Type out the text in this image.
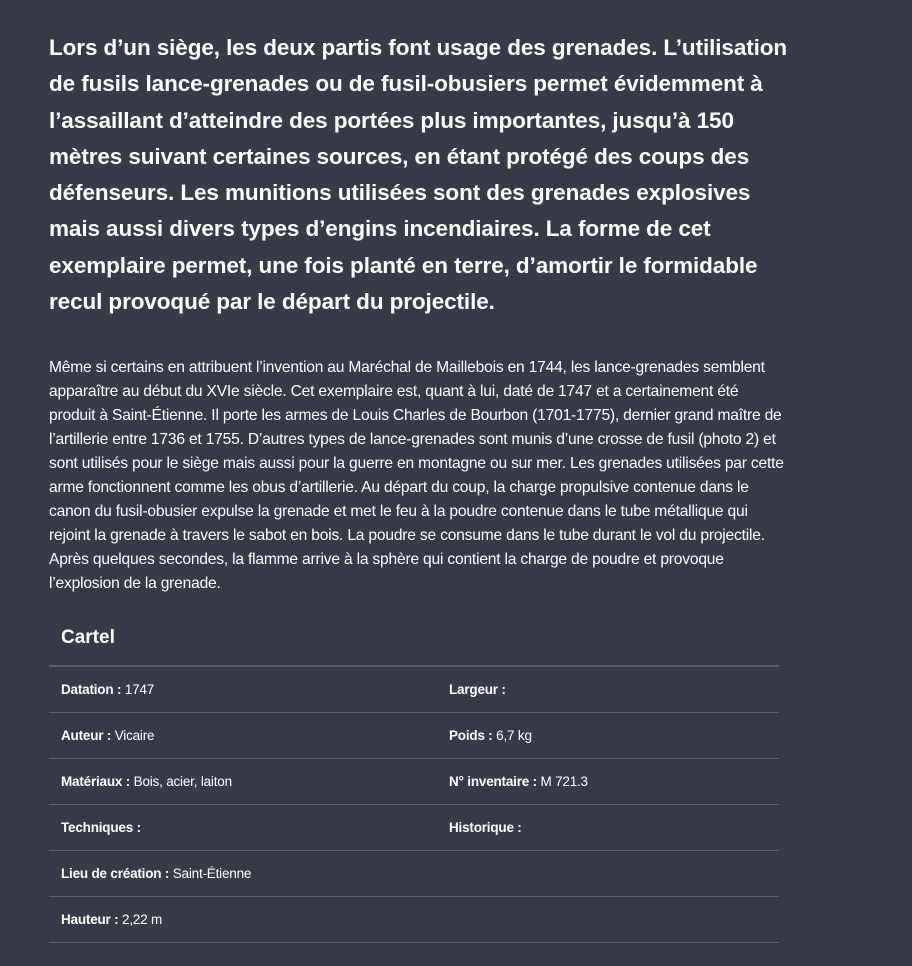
Lors d’un siège, les deux partis font usage des grenades. L’utilisation de fusils lance-grenades ou de fusil-obusiers permet évidemment à l’assaillant d’atteindre des portées plus importantes, jusqu’à 150 mètres suivant certaines sources, en étant protégé des coups des défenseurs. Les munitions utilisées sont des grenades explosives mais aussi divers types d’engins incendiaires. La forme de cet exemplaire permet, une fois planté en terre, d’amortir le formidable recul provoqué par le départ du projectile.

Même si certains en attribuent l’invention au Maréchal de Maillebois en 1744, les lance-grenades semblent apparaître au début du XVIe siècle. Cet exemplaire est, quant à lui, daté de 1747 et a certainement été produit à Saint-Étienne. Il porte les armes de Louis Charles de Bourbon (1701-1775), dernier grand maître de l’artillerie entre 1736 et 1755. D’autres types de lance-grenades sont munis d’une crosse de fusil (photo 2) et sont utilisés pour le siège mais aussi pour la guerre en montagne ou sur mer. Les grenades utilisées par cette arme fonctionnent comme les obus d’artillerie. Au départ du coup, la charge propulsive contenue dans le canon du fusil-obusier expulse la grenade et met le feu à la poudre contenue dans le tube métallique qui rejoint la grenade à travers le sabot en bois. La poudre se consume dans le tube durant le vol du projectile. Après quelques secondes, la flamme arrive à la sphère qui contient la charge de poudre et provoque l’explosion de la grenade.

Cartel
Datation : 1747	Largeur :
Auteur : Vicaire	Poids : 6,7 kg
Matériaux : Bois, acier, laiton	N° inventaire : M 721.3
Techniques :	Historique :
Lieu de création : Saint-Étienne
Hauteur : 2,22 m
